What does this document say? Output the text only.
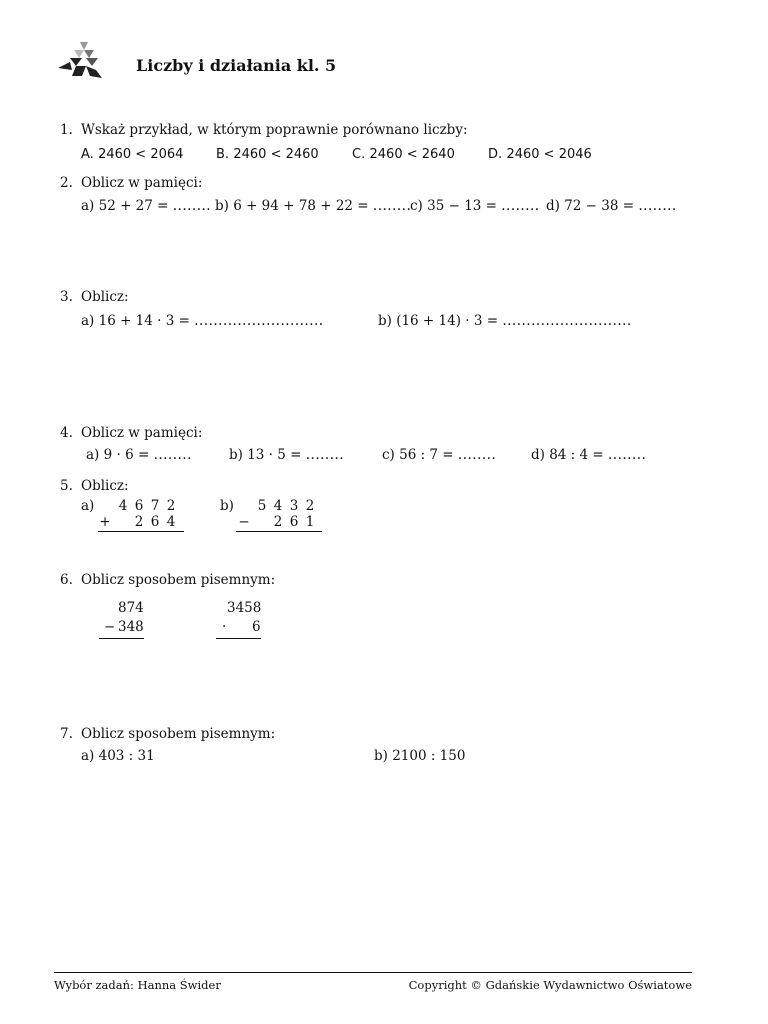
Liczby i działania kl. 5
1. Wskaż przykład, w którym poprawnie porównano liczby:
A. 2460 < 2064	B. 2460 < 2460	C. 2460 < 2640	D. 2460 < 2046
2. Oblicz w pamięci:
a) 52 + 27 = ........ b) 6 + 94 + 78 + 22 = ........
c) 35 − 13 = ........ d) 72 − 38 = ........
3. Oblicz:
a) 16 + 14 · 3 = ...........................	b) (16 + 14) · 3 = ...........................
4. Oblicz w pamięci:
a) 9 · 6 = ........	b) 13 · 5 = ........	c) 56 : 7 = ........	d) 84 : 4 = ........
5. Oblicz:
a) 4 6 7 2
+ 2 6 4
b) 5 4 3 2
− 2 6 1
6. Oblicz sposobem pisemnym:
874
− 348
3458
· 6
7. Oblicz sposobem pisemnym:
a) 403 : 31	b) 2100 : 150
Wybór zadań: Hanna Świder	Copyright © Gdańskie Wydawnictwo Oświatowe
